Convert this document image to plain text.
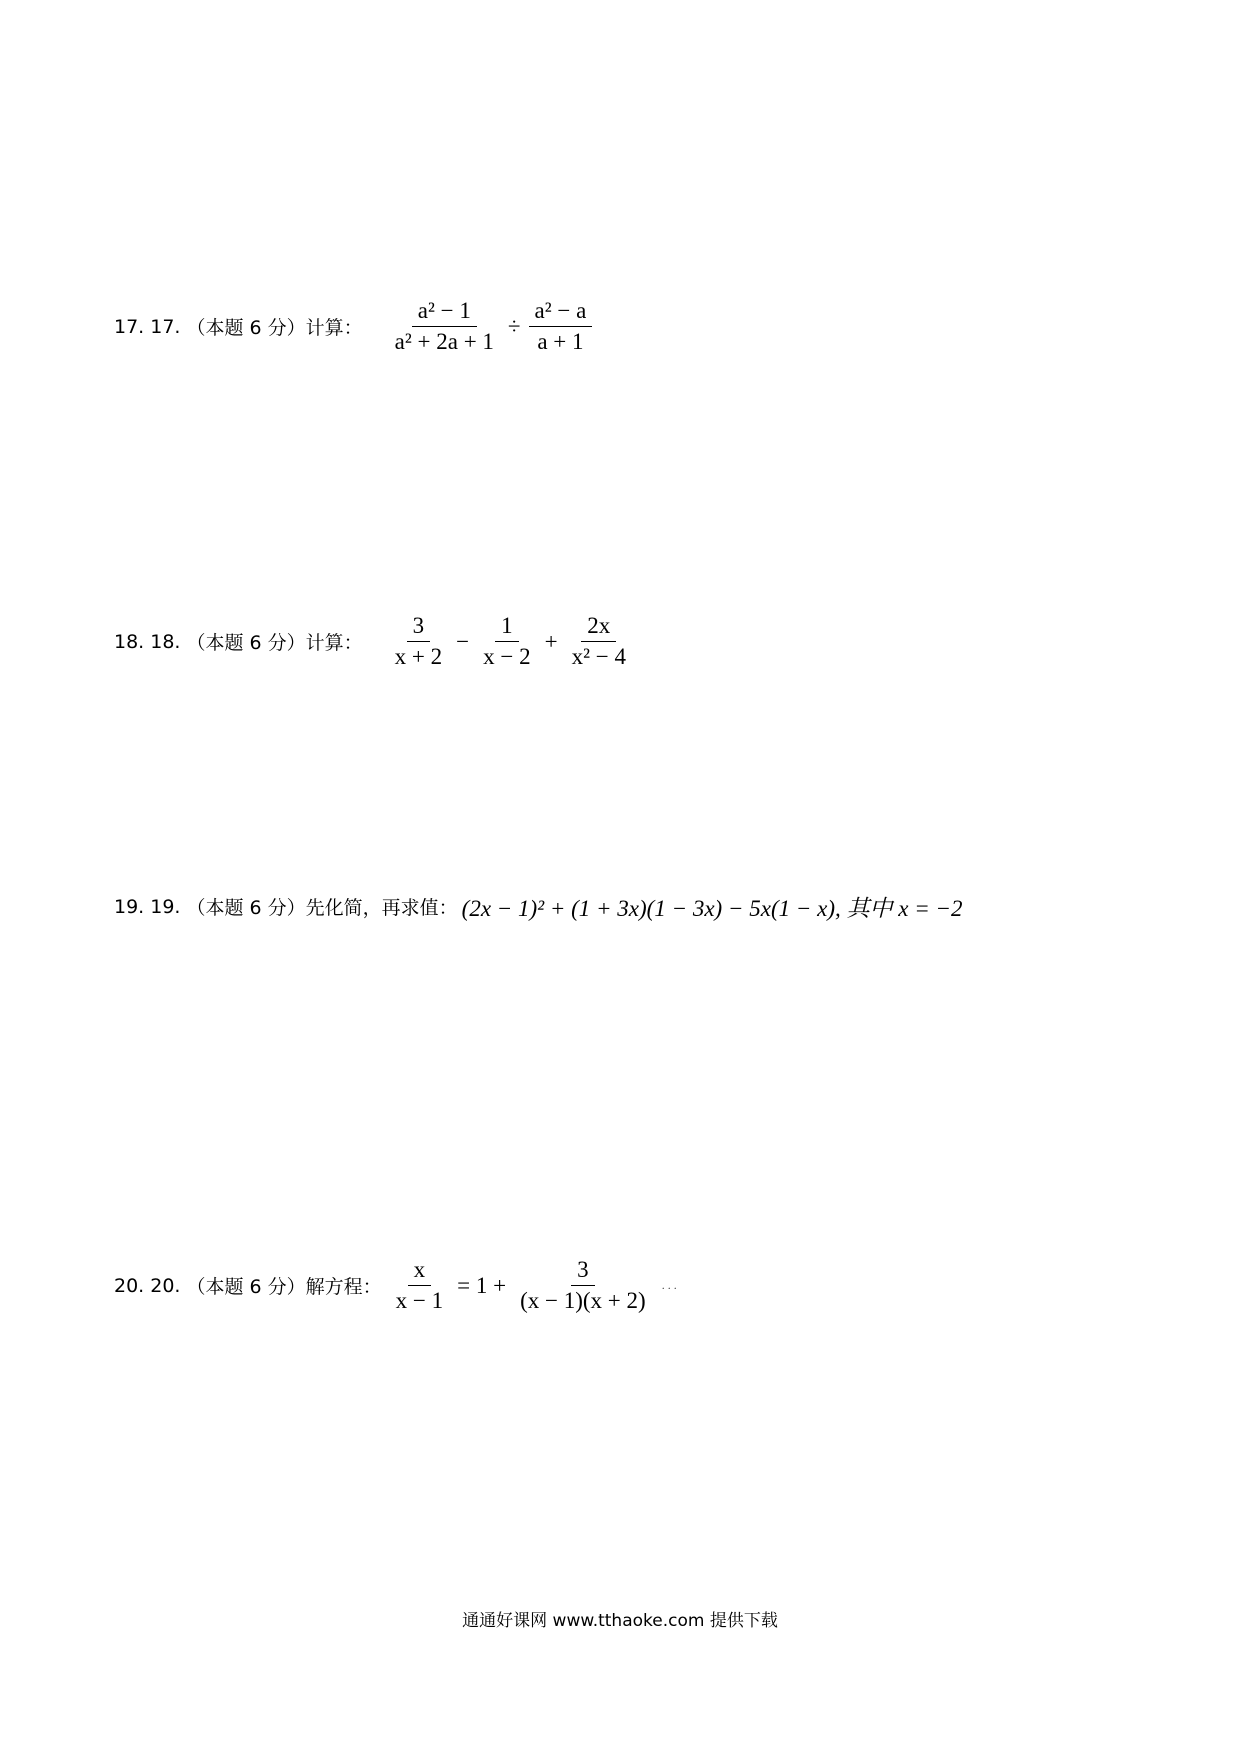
17. 17. （本题 6 分）计算： $\frac{\text{a² − 1}}{\text{a² + 2a + 1}} \div \frac{\text{a² − a}}{a + 1}$
18. 18. （本题 6 分）计算： $\frac{3}{x + 2} - \frac{1}{x - 2} + \frac{2x}{\text{x² − 4}}$
19. 19. （本题 6 分）先化简，再求值： (2x − 1)² + (1 + 3x)(1 − 3x) − 5x(1 − x), 其中 x = −2
20. 20. （本题 6 分）解方程： $\frac{x}{x - 1} = 1 + \frac{3}{(x - 1)(x + 2)}$ ...
通通好课网 www.tthaoke.com 提供下载
